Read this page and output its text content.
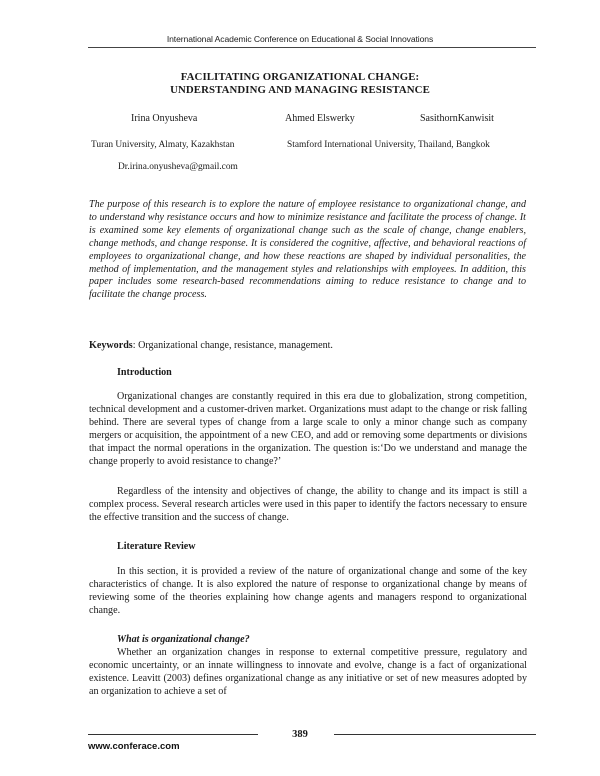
International Academic Conference on Educational & Social Innovations
FACILITATING ORGANIZATIONAL CHANGE:
UNDERSTANDING AND MANAGING RESISTANCE
Irina Onyusheva	Ahmed Elswerky	SasithornKanwisit
Turan University, Almaty, Kazakhstan	Stamford International University, Thailand, Bangkok
Dr.irina.onyusheva@gmail.com
The purpose of this research is to explore the nature of employee resistance to organizational change, and to understand why resistance occurs and how to minimize resistance and facilitate the process of change. It is examined some key elements of organizational change such as the scale of change, change enablers, change methods, and change response. It is considered the cognitive, affective, and behavioral reactions of employees to organizational change, and how these reactions are shaped by individual personalities, the method of implementation, and the management styles and relationships with employees. In addition, this paper includes some research-based recommendations aiming to reduce resistance to change and to facilitate the change process.
Keywords: Organizational change, resistance, management.
Introduction
Organizational changes are constantly required in this era due to globalization, strong competition, technical development and a customer-driven market. Organizations must adapt to the change or risk falling behind. There are several types of change from a large scale to only a minor change such as company mergers or acquisition, the appointment of a new CEO, and add or removing some departments or divisions that impact the normal operations in the organization. The question is:‘Do we understand and manage the change properly to avoid resistance to change?’
Regardless of the intensity and objectives of change, the ability to change and its impact is still a complex process. Several research articles were used in this paper to identify the factors necessary to ensure the effective transition and the success of change.
Literature Review
In this section, it is provided a review of the nature of organizational change and some of the key characteristics of change. It is also explored the nature of response to organizational change by means of reviewing some of the theories explaining how change agents and managers respond to organizational change.
What is organizational change?
Whether an organization changes in response to external competitive pressure, regulatory and economic uncertainty, or an innate willingness to innovate and evolve, change is a fact of organizational existence. Leavitt (2003) defines organizational change as any initiative or set of new measures adopted by an organization to achieve a set of
389
www.conferace.com
